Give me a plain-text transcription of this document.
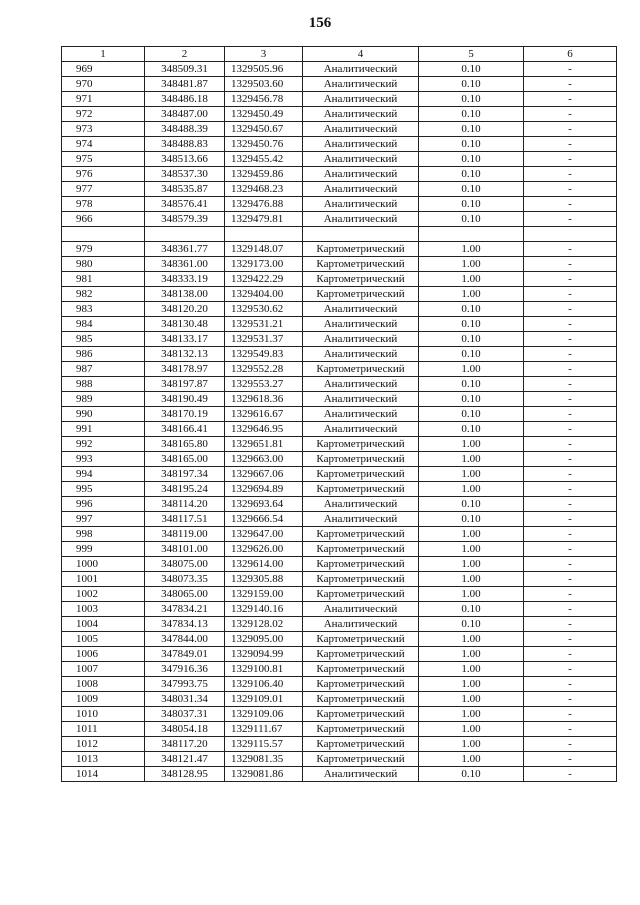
156
1	2	3	4	5	6
969	348509.31	1329505.96	Аналитический	0.10	-
970	348481.87	1329503.60	Аналитический	0.10	-
971	348486.18	1329456.78	Аналитический	0.10	-
972	348487.00	1329450.49	Аналитический	0.10	-
973	348488.39	1329450.67	Аналитический	0.10	-
974	348488.83	1329450.76	Аналитический	0.10	-
975	348513.66	1329455.42	Аналитический	0.10	-
976	348537.30	1329459.86	Аналитический	0.10	-
977	348535.87	1329468.23	Аналитический	0.10	-
978	348576.41	1329476.88	Аналитический	0.10	-
966	348579.39	1329479.81	Аналитический	0.10	-

979	348361.77	1329148.07	Картометрический	1.00	-
980	348361.00	1329173.00	Картометрический	1.00	-
981	348333.19	1329422.29	Картометрический	1.00	-
982	348138.00	1329404.00	Картометрический	1.00	-
983	348120.20	1329530.62	Аналитический	0.10	-
984	348130.48	1329531.21	Аналитический	0.10	-
985	348133.17	1329531.37	Аналитический	0.10	-
986	348132.13	1329549.83	Аналитический	0.10	-
987	348178.97	1329552.28	Картометрический	1.00	-
988	348197.87	1329553.27	Аналитический	0.10	-
989	348190.49	1329618.36	Аналитический	0.10	-
990	348170.19	1329616.67	Аналитический	0.10	-
991	348166.41	1329646.95	Аналитический	0.10	-
992	348165.80	1329651.81	Картометрический	1.00	-
993	348165.00	1329663.00	Картометрический	1.00	-
994	348197.34	1329667.06	Картометрический	1.00	-
995	348195.24	1329694.89	Картометрический	1.00	-
996	348114.20	1329693.64	Аналитический	0.10	-
997	348117.51	1329666.54	Аналитический	0.10	-
998	348119.00	1329647.00	Картометрический	1.00	-
999	348101.00	1329626.00	Картометрический	1.00	-
1000	348075.00	1329614.00	Картометрический	1.00	-
1001	348073.35	1329305.88	Картометрический	1.00	-
1002	348065.00	1329159.00	Картометрический	1.00	-
1003	347834.21	1329140.16	Аналитический	0.10	-
1004	347834.13	1329128.02	Аналитический	0.10	-
1005	347844.00	1329095.00	Картометрический	1.00	-
1006	347849.01	1329094.99	Картометрический	1.00	-
1007	347916.36	1329100.81	Картометрический	1.00	-
1008	347993.75	1329106.40	Картометрический	1.00	-
1009	348031.34	1329109.01	Картометрический	1.00	-
1010	348037.31	1329109.06	Картометрический	1.00	-
1011	348054.18	1329111.67	Картометрический	1.00	-
1012	348117.20	1329115.57	Картометрический	1.00	-
1013	348121.47	1329081.35	Картометрический	1.00	-
1014	348128.95	1329081.86	Аналитический	0.10	-
